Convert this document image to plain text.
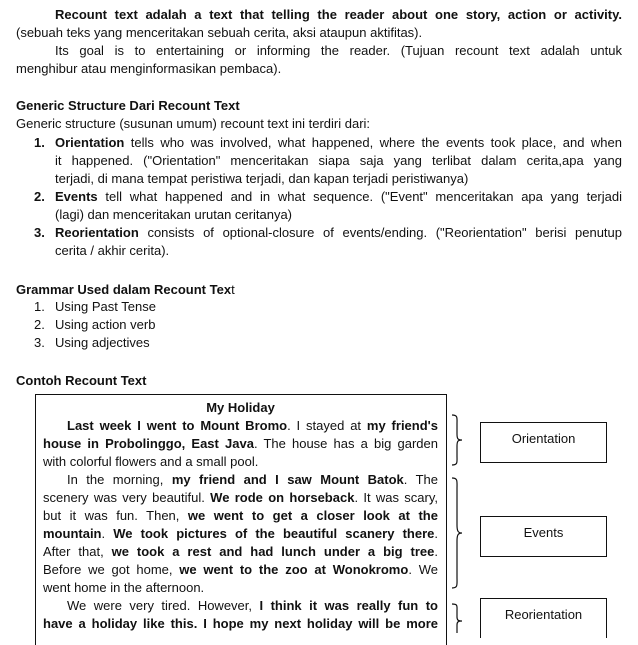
Recount text adalah a text that telling the reader about one story, action or activity.
(sebuah teks yang menceritakan sebuah cerita, aksi ataupun aktifitas).
Its goal is to entertaining or informing the reader. (Tujuan recount text adalah untuk
menghibur atau menginformasikan pembaca).
Generic Structure Dari Recount Text
Generic structure (susunan umum) recount text ini terdiri dari:
1. Orientation tells who was involved, what happened, where the events took place, and when
it happened. ("Orientation" menceritakan siapa saja yang terlibat dalam cerita,apa yang
terjadi, di mana tempat peristiwa terjadi, dan kapan terjadi peristiwanya)
2. Events tell what happened and in what sequence. ("Event" menceritakan apa yang terjadi
(lagi) dan menceritakan urutan ceritanya)
3. Reorientation consists of optional-closure of events/ending. ("Reorientation" berisi penutup
cerita / akhir cerita).
Grammar Used dalam Recount Text
1. Using Past Tense
2. Using action verb
3. Using adjectives
Contoh Recount Text
My Holiday
Last week I went to Mount Bromo. I stayed at my friend's
house in Probolinggo, East Java. The house has a big garden
with colorful flowers and a small pool.
In the morning, my friend and I saw Mount Batok. The
scenery was very beautiful. We rode on horseback. It was scary,
but it was fun. Then, we went to get a closer look at the
mountain. We took pictures of the beautiful scanery there.
After that, we took a rest and had lunch under a big tree.
Before we got home, we went to the zoo at Wonokromo. We
went home in the afternoon.
We were very tired. However, I think it was really fun to
have a holiday like this. I hope my next holiday will be more
Orientation
Events
Reorientation
